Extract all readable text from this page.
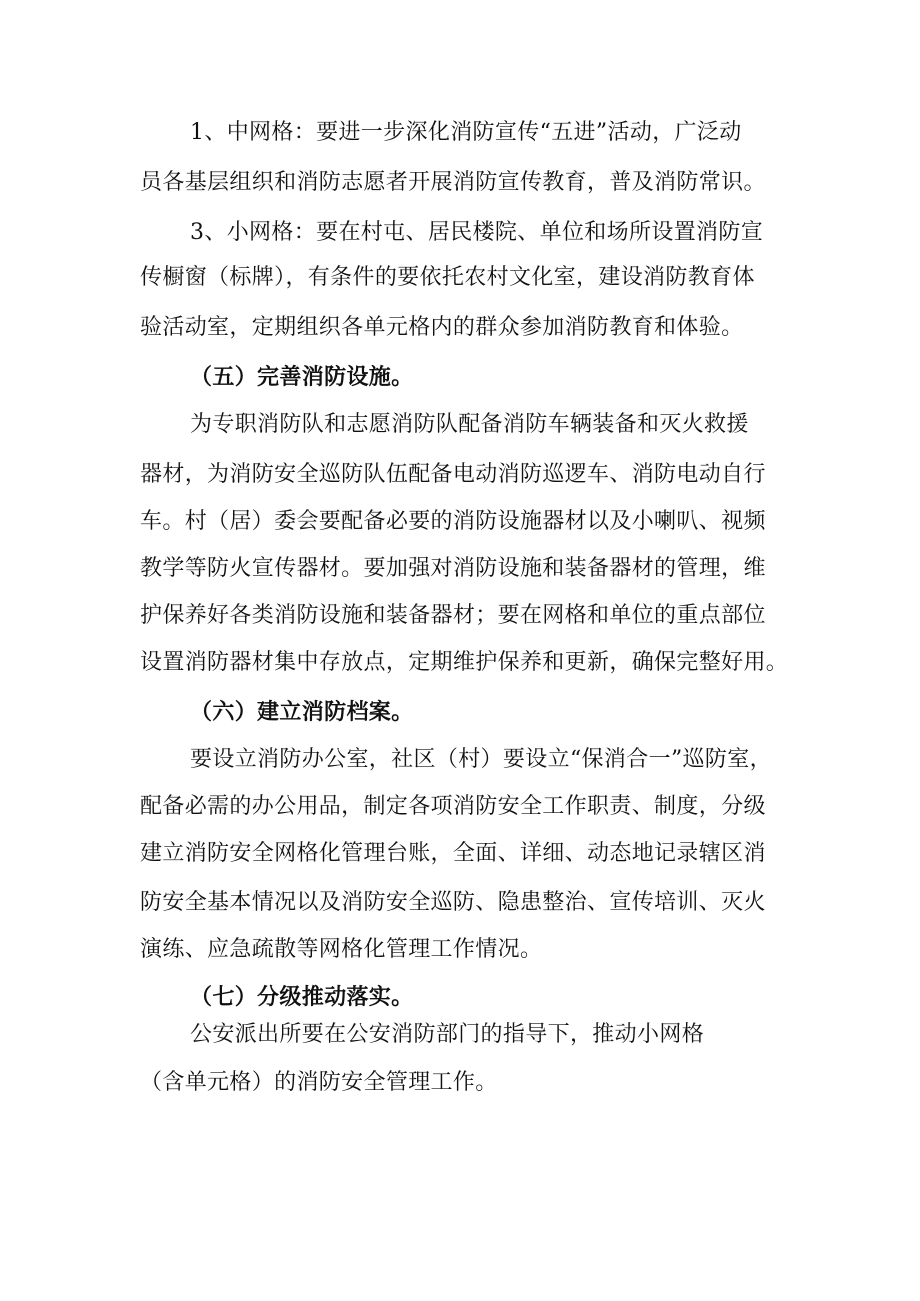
1、中网格：要进一步深化消防宣传“五进”活动，广泛动
员各基层组织和消防志愿者开展消防宣传教育，普及消防常识。
3、小网格：要在村屯、居民楼院、单位和场所设置消防宣
传橱窗（标牌），有条件的要依托农村文化室，建设消防教育体
验活动室，定期组织各单元格内的群众参加消防教育和体验。
（五）完善消防设施。
为专职消防队和志愿消防队配备消防车辆装备和灭火救援
器材，为消防安全巡防队伍配备电动消防巡逻车、消防电动自行
车。村（居）委会要配备必要的消防设施器材以及小喇叭、视频
教学等防火宣传器材。要加强对消防设施和装备器材的管理，维
护保养好各类消防设施和装备器材；要在网格和单位的重点部位
设置消防器材集中存放点，定期维护保养和更新，确保完整好用。
（六）建立消防档案。
要设立消防办公室，社区（村）要设立“保消合一”巡防室，
配备必需的办公用品，制定各项消防安全工作职责、制度，分级
建立消防安全网格化管理台账，全面、详细、动态地记录辖区消
防安全基本情况以及消防安全巡防、隐患整治、宣传培训、灭火
演练、应急疏散等网格化管理工作情况。
（七）分级推动落实。
公安派出所要在公安消防部门的指导下，推动小网格
（含单元格）的消防安全管理工作。
